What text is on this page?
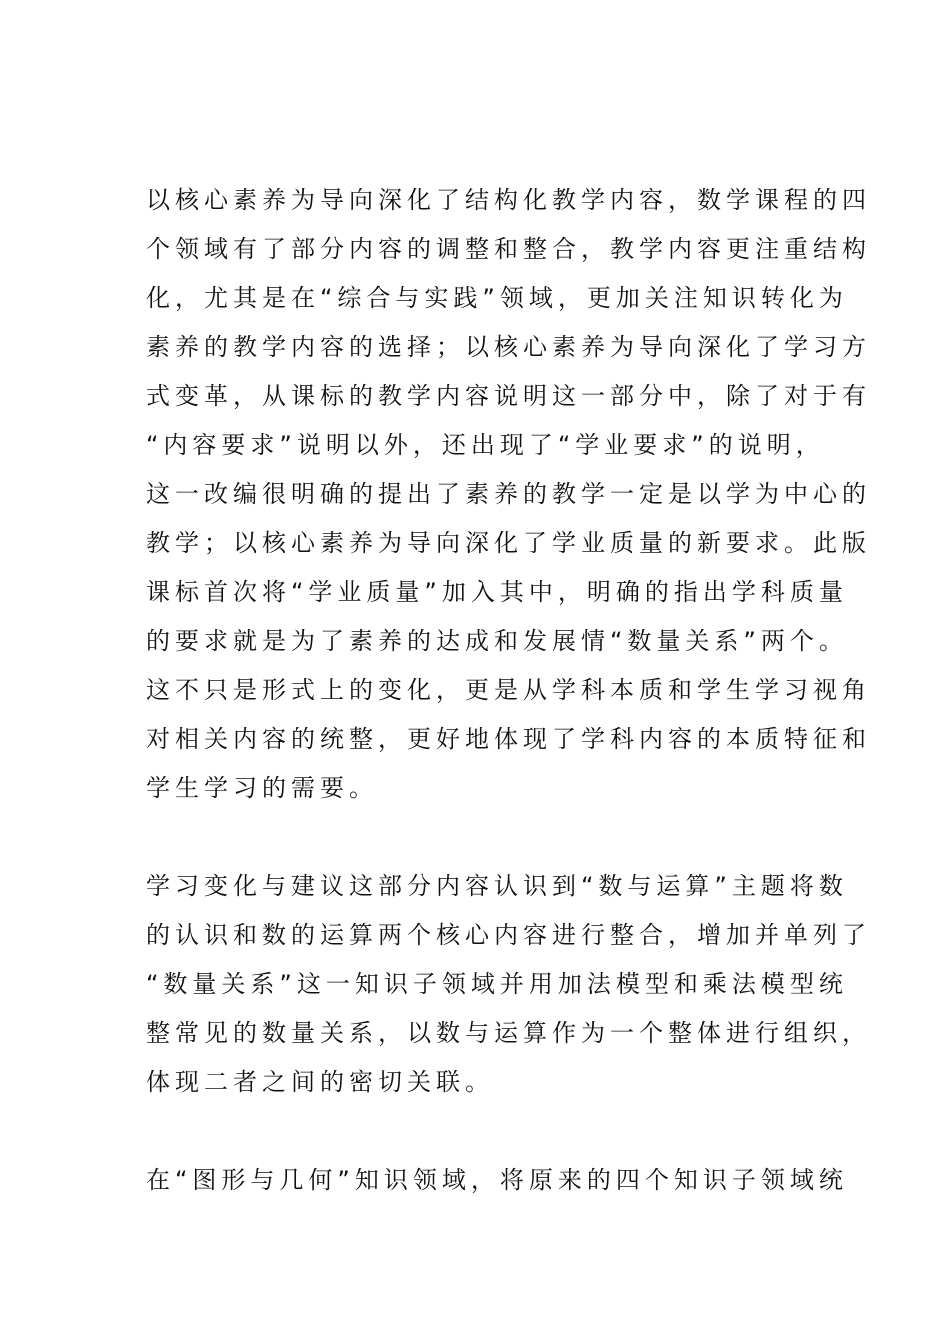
以核心素养为导向深化了结构化教学内容，数学课程的四
个领域有了部分内容的调整和整合，教学内容更注重结构
化，尤其是在“综合与实践”领域，更加关注知识转化为
素养的教学内容的选择；以核心素养为导向深化了学习方
式变革，从课标的教学内容说明这一部分中，除了对于有
“内容要求”说明以外，还出现了“学业要求”的说明，
这一改编很明确的提出了素养的教学一定是以学为中心的
教学；以核心素养为导向深化了学业质量的新要求。此版
课标首次将“学业质量”加入其中，明确的指出学科质量
的要求就是为了素养的达成和发展情“数量关系”两个。
这不只是形式上的变化，更是从学科本质和学生学习视角
对相关内容的统整，更好地体现了学科内容的本质特征和
学生学习的需要。
学习变化与建议这部分内容认识到“数与运算”主题将数
的认识和数的运算两个核心内容进行整合，增加并单列了
“数量关系”这一知识子领域并用加法模型和乘法模型统
整常见的数量关系，以数与运算作为一个整体进行组织，
体现二者之间的密切关联。
在“图形与几何”知识领域，将原来的四个知识子领域统
